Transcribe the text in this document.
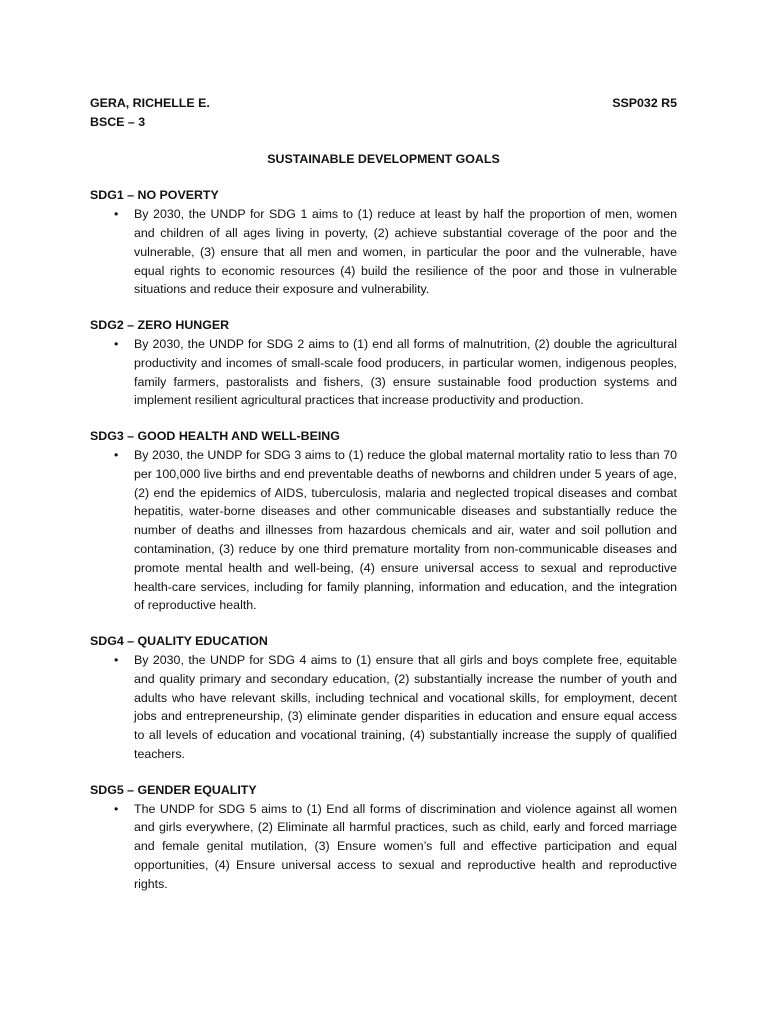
GERA, RICHELLE E.	SSP032 R5
BSCE – 3
SUSTAINABLE DEVELOPMENT GOALS

SDG1 – NO POVERTY

• By 2030, the UNDP for SDG 1 aims to (1) reduce at least by half the proportion of men, women and children of all ages living in poverty, (2) achieve substantial coverage of the poor and the vulnerable, (3) ensure that all men and women, in particular the poor and the vulnerable, have equal rights to economic resources (4) build the resilience of the poor and those in vulnerable situations and reduce their exposure and vulnerability.

SDG2 – ZERO HUNGER

• By 2030, the UNDP for SDG 2 aims to (1) end all forms of malnutrition, (2) double the agricultural productivity and incomes of small-scale food producers, in particular women, indigenous peoples, family farmers, pastoralists and fishers, (3) ensure sustainable food production systems and implement resilient agricultural practices that increase productivity and production.

SDG3 – GOOD HEALTH AND WELL-BEING

• By 2030, the UNDP for SDG 3 aims to (1) reduce the global maternal mortality ratio to less than 70 per 100,000 live births and end preventable deaths of newborns and children under 5 years of age, (2) end the epidemics of AIDS, tuberculosis, malaria and neglected tropical diseases and combat hepatitis, water-borne diseases and other communicable diseases and substantially reduce the number of deaths and illnesses from hazardous chemicals and air, water and soil pollution and contamination, (3) reduce by one third premature mortality from non-communicable diseases and promote mental health and well-being, (4) ensure universal access to sexual and reproductive health-care services, including for family planning, information and education, and the integration of reproductive health.

SDG4 – QUALITY EDUCATION

• By 2030, the UNDP for SDG 4 aims to (1) ensure that all girls and boys complete free, equitable and quality primary and secondary education, (2) substantially increase the number of youth and adults who have relevant skills, including technical and vocational skills, for employment, decent jobs and entrepreneurship, (3) eliminate gender disparities in education and ensure equal access to all levels of education and vocational training, (4) substantially increase the supply of qualified teachers.

SDG5 – GENDER EQUALITY

• The UNDP for SDG 5 aims to (1) End all forms of discrimination and violence against all women and girls everywhere, (2) Eliminate all harmful practices, such as child, early and forced marriage and female genital mutilation, (3) Ensure women’s full and effective participation and equal opportunities, (4) Ensure universal access to sexual and reproductive health and reproductive rights.
